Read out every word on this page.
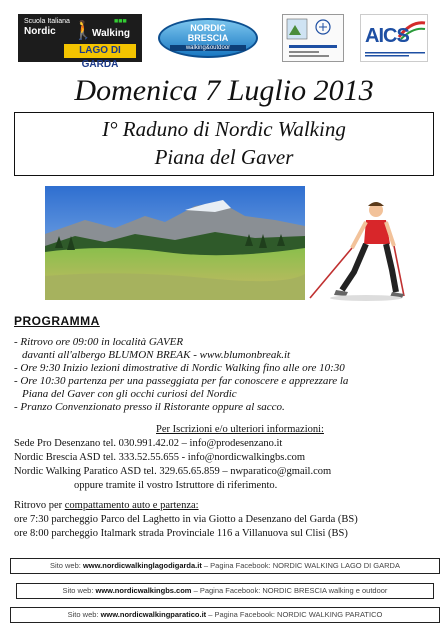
Scuola Italiana
Nordic 🚶
Walking
■■■
LAGO DI GARDA
NORDIC
BRESCIA
walking&outdoor
AICS
Domenica 7 Luglio 2013
I° Raduno di Nordic Walking
Piana del Gaver
PROGRAMMA
- Ritrovo ore 09:00 in località GAVER
davanti all'albergo BLUMON BREAK - www.blumonbreak.it
- Ore 9:30 Inizio lezioni dimostrative di Nordic Walking fino alle ore 10:30
- Ore 10:30 partenza per una passeggiata per far conoscere e apprezzare la
Piana del Gaver con gli occhi curiosi del Nordic
- Pranzo Convenzionato presso il Ristorante oppure al sacco.
Per Iscrizioni e/o ulteriori informazioni:
Sede Pro Desenzano tel. 030.991.42.02 – info@prodesenzano.it
Nordic Brescia ASD tel. 333.52.55.655 - info@nordicwalkingbs.com
Nordic Walking Paratico ASD tel. 329.65.65.859 – nwparatico@gmail.com
oppure tramite il vostro Istruttore di riferimento.
Ritrovo per compattamento auto e partenza:
ore 7:30 parcheggio Parco del Laghetto in via Giotto a Desenzano del Garda (BS)
ore 8:00 parcheggio Italmark strada Provinciale 116 a Villanuova sul Clisi (BS)
Sito web: www.nordicwalkinglagodigarda.it – Pagina Facebook: NORDIC WALKING LAGO DI GARDA
Sito web: www.nordicwalkingbs.com – Pagina Facebook: NORDIC BRESCIA walking e outdoor
Sito web: www.nordicwalkingparatico.it – Pagina Facebook: NORDIC WALKING PARATICO
